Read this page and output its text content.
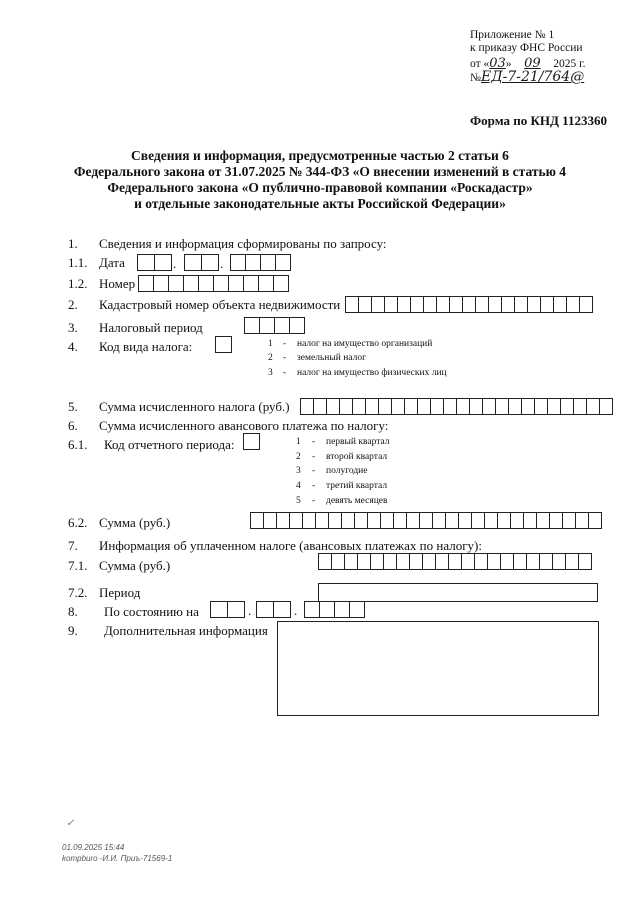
Приложение № 1
к приказу ФНС России
от «03» 09 2025 г.
№ЕД-7-21/764@
Форма по КНД 1123360
Сведения и информация, предусмотренные частью 2 статьи 6
Федерального закона от 31.07.2025 № 344-ФЗ «О внесении изменений в статью 4
Федерального закона «О публично-правовой компании «Роскадастр»
и отдельные законодательные акты Российской Федерации»
1. Сведения и информация сформированы по запросу:
1.1. Дата	.	.
1.2. Номер
2. Кадастровый номер объекта недвижимости
3. Налоговый период
4. Код вида налога:	1 - налог на имущество организаций
2 - земельный налог
3 - налог на имущество физических лиц
5. Сумма исчисленного налога (руб.)
6. Сумма исчисленного авансового платежа по налогу:
6.1. Код отчетного периода:	1 - первый квартал
2 - второй квартал
3 - полугодие
4 - третий квартал
5 - девять месяцев
6.2. Сумма (руб.)
7. Информация об уплаченном налоге (авансовых платежах по налогу):
7.1. Сумма (руб.)
7.2. Период
8. По состоянию на	.	.
9. Дополнительная информация
✓
01.09.2025 15:44
kompburo -И.И. Приъ-71569-1
